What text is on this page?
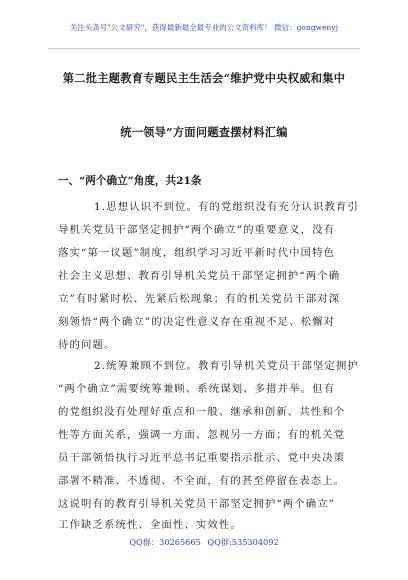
关注头条号"公文研究"，获得最新最全最专业的公文资料库！ 微信：gongwenyj
第二批主题教育专题民主生活会“维护党中央权威和集中
统一领导”方面问题查摆材料汇编
一、“两个确立”角度，共21条
1.思想认识不到位。有的党组织没有充分认识教育引
导机关党员干部坚定拥护“两个确立”的重要意义，没有
落实“第一议题”制度，组织学习习近平新时代中国特色
社会主义思想、教育引导机关党员干部坚定拥护“两个确
立”有时紧时松、先紧后松现象；有的机关党员干部对深
刻领悟“两个确立”的决定性意义存在重视不足、松懈对
待的问题。
2.统筹兼顾不到位。教育引导机关党员干部坚定拥护
“两个确立”需要统筹兼顾、系统谋划、多措并举。但有
的党组织没有处理好重点和一般、继承和创新、共性和个
性等方面关系，强调一方面、忽视另一方面；有的机关党
员干部领悟执行习近平总书记重要指示批示、党中央决策
部署不精准、不透彻、不全面，有的甚至停留在表态上。
这说明有的教育引导机关党员干部坚定拥护“两个确立”
工作缺乏系统性、全面性、实效性。
QQ群：30265665 QQ群:535304092
